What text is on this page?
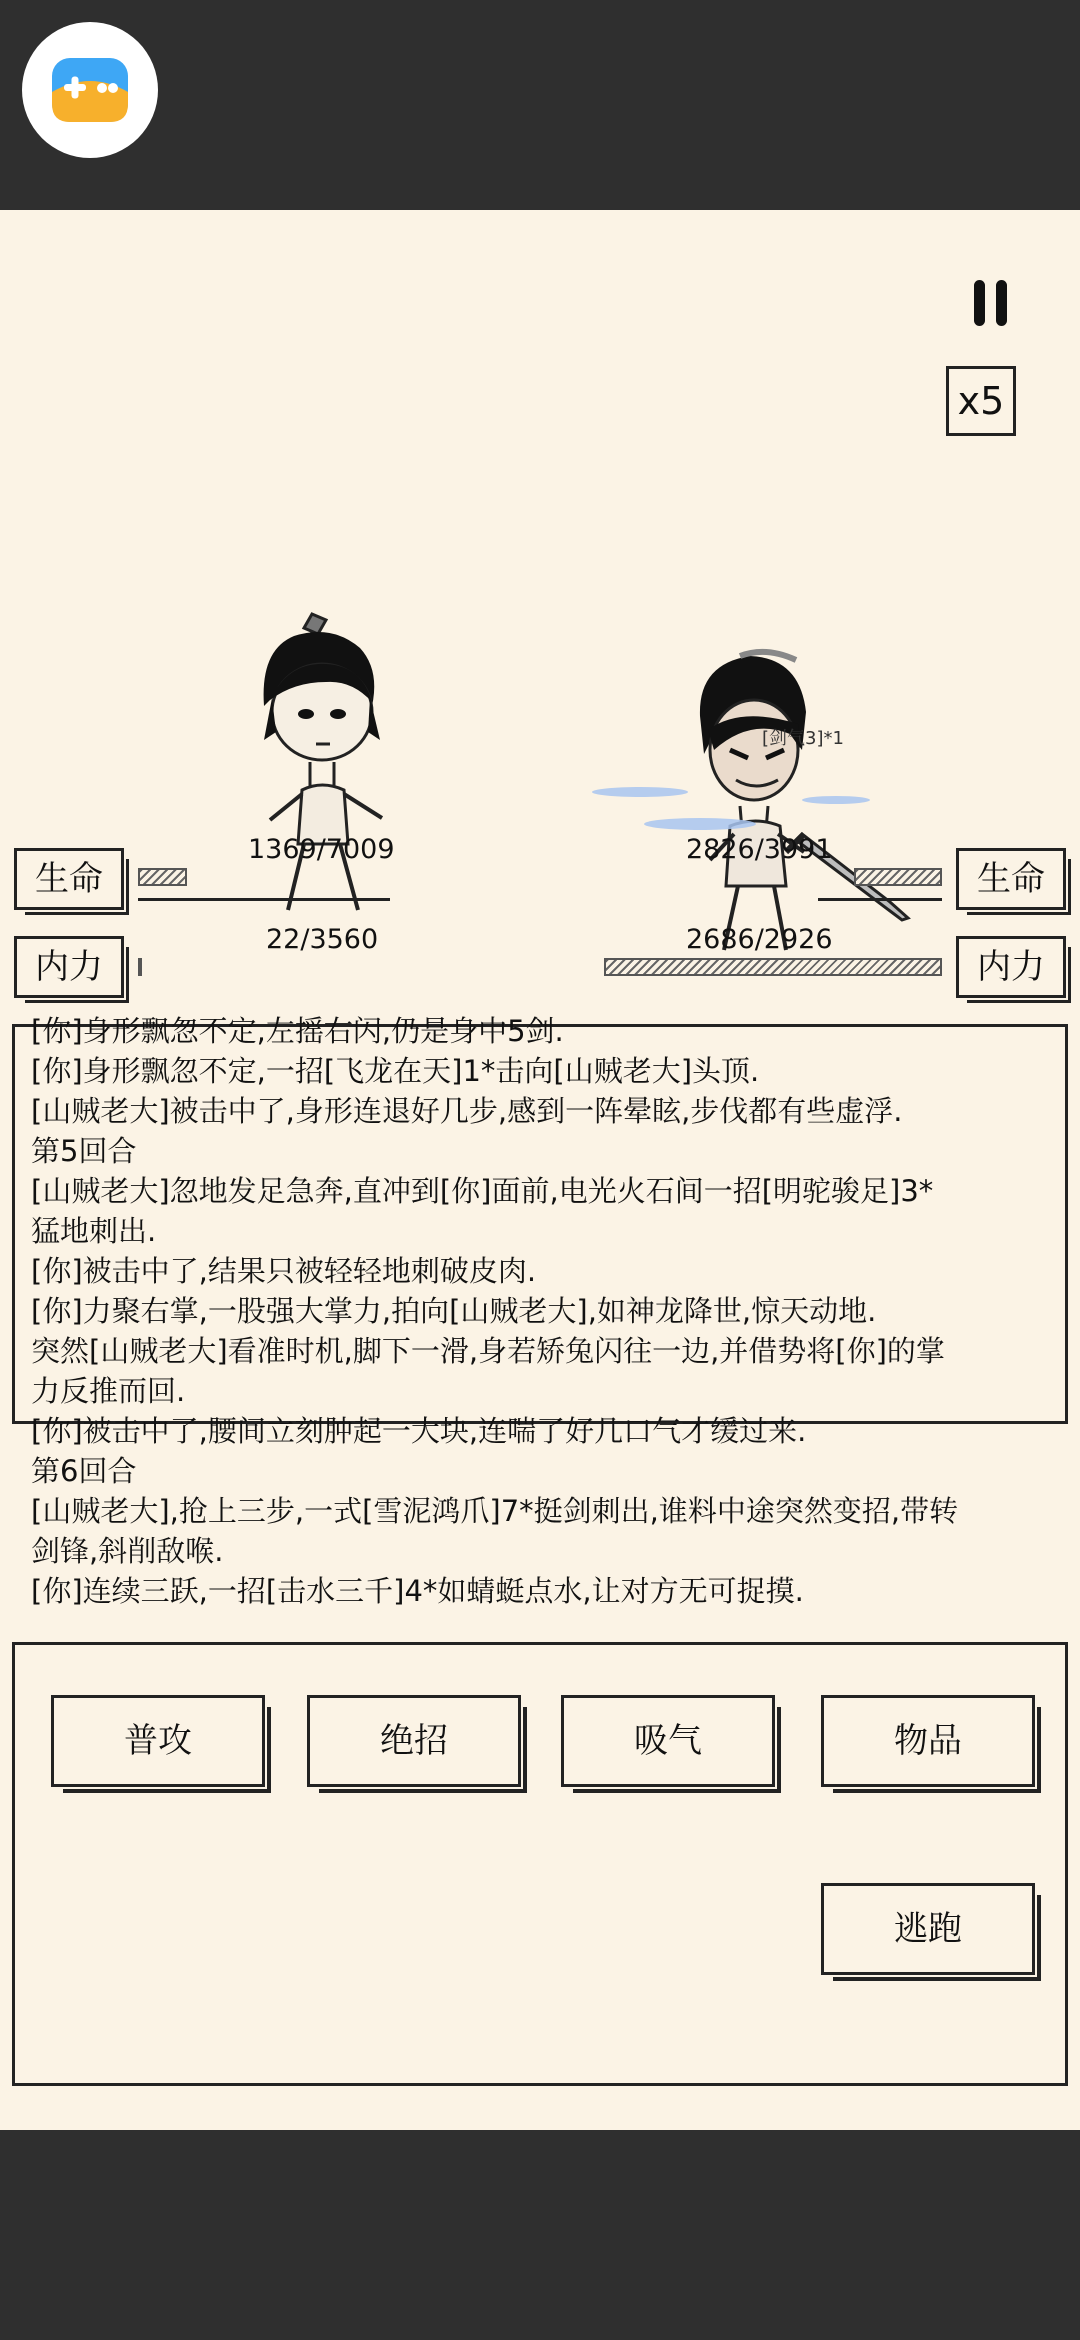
x5
[剑气3]*1
生命
1369/7009
内力
22/3560
生命
2826/3991
内力
2686/2926
[你]身形飘忽不定,左摇右闪,仍是身中5剑.
[你]身形飘忽不定,一招[飞龙在天]1*击向[山贼老大]头顶.
[山贼老大]被击中了,身形连退好几步,感到一阵晕眩,步伐都有些虚浮.
第5回合
[山贼老大]忽地发足急奔,直冲到[你]面前,电光火石间一招[明驼骏足]3*
猛地刺出.
[你]被击中了,结果只被轻轻地刺破皮肉.
[你]力聚右掌,一股强大掌力,拍向[山贼老大],如神龙降世,惊天动地.
突然[山贼老大]看准时机,脚下一滑,身若矫兔闪往一边,并借势将[你]的掌
力反推而回.
[你]被击中了,腰间立刻肿起一大块,连喘了好几口气才缓过来.
第6回合
[山贼老大],抢上三步,一式[雪泥鸿爪]7*挺剑刺出,谁料中途突然变招,带转
剑锋,斜削敌喉.
[你]连续三跃,一招[击水三千]4*如蜻蜓点水,让对方无可捉摸.
普攻	绝招	吸气	物品
逃跑
